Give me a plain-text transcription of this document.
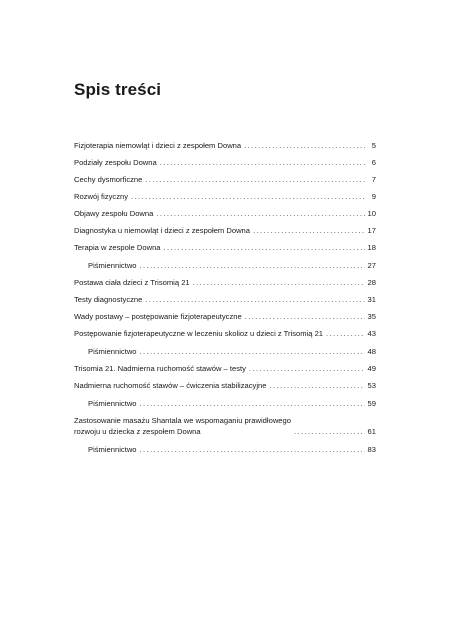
Spis treści
Fizjoterapia niemowląt i dzieci z zespołem Downa .....	5
Podziały zespołu Downa .....	6
Cechy dysmorficzne .....	7
Rozwój fizyczny .....	9
Objawy zespołu Downa .....	10
Diagnostyka u niemowląt i dzieci z zespołem Downa .....	17
Terapia w zespole Downa .....	18
Piśmiennictwo .....	27
Postawa ciała dzieci z Trisomią 21 .....	28
Testy diagnostyczne .....	31
Wady postawy – postępowanie fizjoterapeutyczne .....	35
Postępowanie fizjoterapeutyczne w leczeniu skolioz u dzieci z Trisomią 21 .....	43
Piśmiennictwo .....	48
Trisomia 21. Nadmierna ruchomość stawów – testy .....	49
Nadmierna ruchomość stawów – ćwiczenia stabilizacyjne .....	53
Piśmiennictwo .....	59
Zastosowanie masażu Shantala we wspomaganiu prawidłowego
rozwoju u dziecka z zespołem Downa .....	61
Piśmiennictwo .....	83
